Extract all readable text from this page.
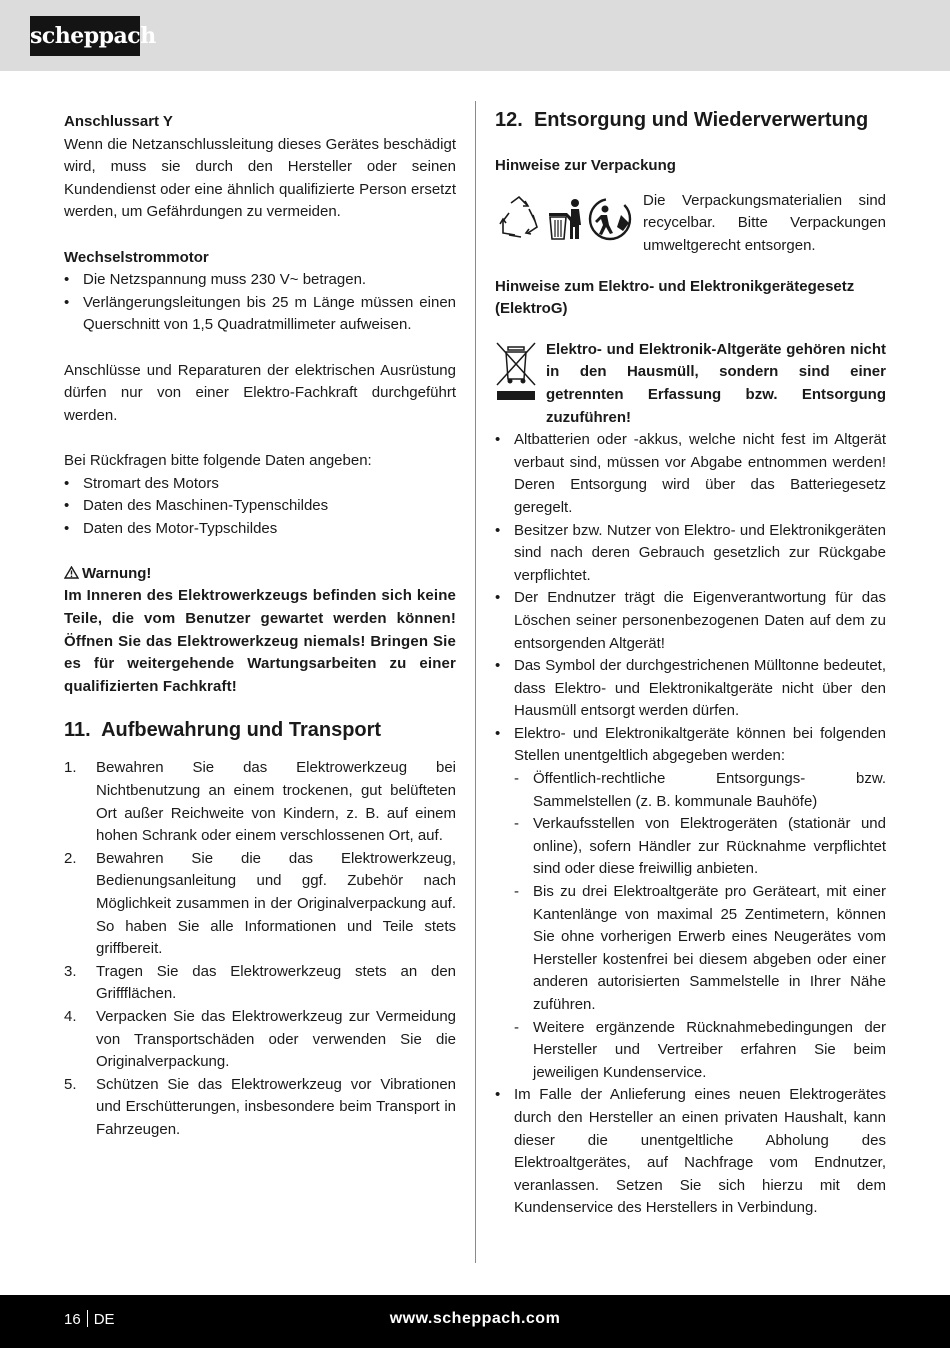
scheppach

Anschlussart Y

Wenn die Netzanschlussleitung dieses Gerätes beschädigt wird, muss sie durch den Hersteller oder seinen Kundendienst oder eine ähnlich qualifizierte Person ersetzt werden, um Gefährdungen zu vermeiden.

Wechselstrommotor

• Die Netzspannung muss 230 V~ betragen.
• Verlängerungsleitungen bis 25 m Länge müssen einen Querschnitt von 1,5 Quadratmillimeter aufweisen.

Anschlüsse und Reparaturen der elektrischen Ausrüstung dürfen nur von einer Elektro-Fachkraft durchgeführt werden.

Bei Rückfragen bitte folgende Daten angeben:

• Stromart des Motors
• Daten des Maschinen-Typenschildes
• Daten des Motor-Typschildes

Warnung!

Im Inneren des Elektrowerkzeugs befinden sich keine Teile, die vom Benutzer gewartet werden können! Öffnen Sie das Elektrowerkzeug niemals! Bringen Sie es für weitergehende Wartungsarbeiten zu einer qualifizierten Fachkraft!

11. Aufbewahrung und Transport

1. Bewahren Sie das Elektrowerkzeug bei Nichtbenutzung an einem trockenen, gut belüfteten Ort außer Reichweite von Kindern, z. B. auf einem hohen Schrank oder einem verschlossenen Ort, auf.
2. Bewahren Sie die das Elektrowerkzeug, Bedienungsanleitung und ggf. Zubehör nach Möglichkeit zusammen in der Originalverpackung auf. So haben Sie alle Informationen und Teile stets griffbereit.
3. Tragen Sie das Elektrowerkzeug stets an den Griffflächen.
4. Verpacken Sie das Elektrowerkzeug zur Vermeidung von Transportschäden oder verwenden Sie die Originalverpackung.
5. Schützen Sie das Elektrowerkzeug vor Vibrationen und Erschütterungen, insbesondere beim Transport in Fahrzeugen.

12. Entsorgung und Wiederverwertung

Hinweise zur Verpackung

Die Verpackungsmaterialien sind recycelbar. Bitte Verpackungen umweltgerecht entsorgen.

Hinweise zum Elektro- und Elektronikgerätegesetz (ElektroG)

Elektro- und Elektronik-Altgeräte gehören nicht in den Hausmüll, sondern sind einer getrennten Erfassung bzw. Entsorgung zuzuführen!

• Altbatterien oder -akkus, welche nicht fest im Altgerät verbaut sind, müssen vor Abgabe entnommen werden! Deren Entsorgung wird über das Batteriegesetz geregelt.
• Besitzer bzw. Nutzer von Elektro- und Elektronikgeräten sind nach deren Gebrauch gesetzlich zur Rückgabe verpflichtet.
• Der Endnutzer trägt die Eigenverantwortung für das Löschen seiner personenbezogenen Daten auf dem zu entsorgenden Altgerät!
• Das Symbol der durchgestrichenen Mülltonne bedeutet, dass Elektro- und Elektronikaltgeräte nicht über den Hausmüll entsorgt werden dürfen.
• Elektro- und Elektronikaltgeräte können bei folgenden Stellen unentgeltlich abgegeben werden:
- Öffentlich-rechtliche Entsorgungs- bzw. Sammelstellen (z. B. kommunale Bauhöfe)
- Verkaufsstellen von Elektrogeräten (stationär und online), sofern Händler zur Rücknahme verpflichtet sind oder diese freiwillig anbieten.
- Bis zu drei Elektroaltgeräte pro Geräteart, mit einer Kantenlänge von maximal 25 Zentimetern, können Sie ohne vorherigen Erwerb eines Neugerätes vom Hersteller kostenfrei bei diesem abgeben oder einer anderen autorisierten Sammelstelle in Ihrer Nähe zuführen.
- Weitere ergänzende Rücknahmebedingungen der Hersteller und Vertreiber erfahren Sie beim jeweiligen Kundenservice.
• Im Falle der Anlieferung eines neuen Elektrogerätes durch den Hersteller an einen privaten Haushalt, kann dieser die unentgeltliche Abholung des Elektroaltgerätes, auf Nachfrage vom Endnutzer, veranlassen. Setzen Sie sich hierzu mit dem Kundenservice des Herstellers in Verbindung.
16 DE	www.scheppach.com
